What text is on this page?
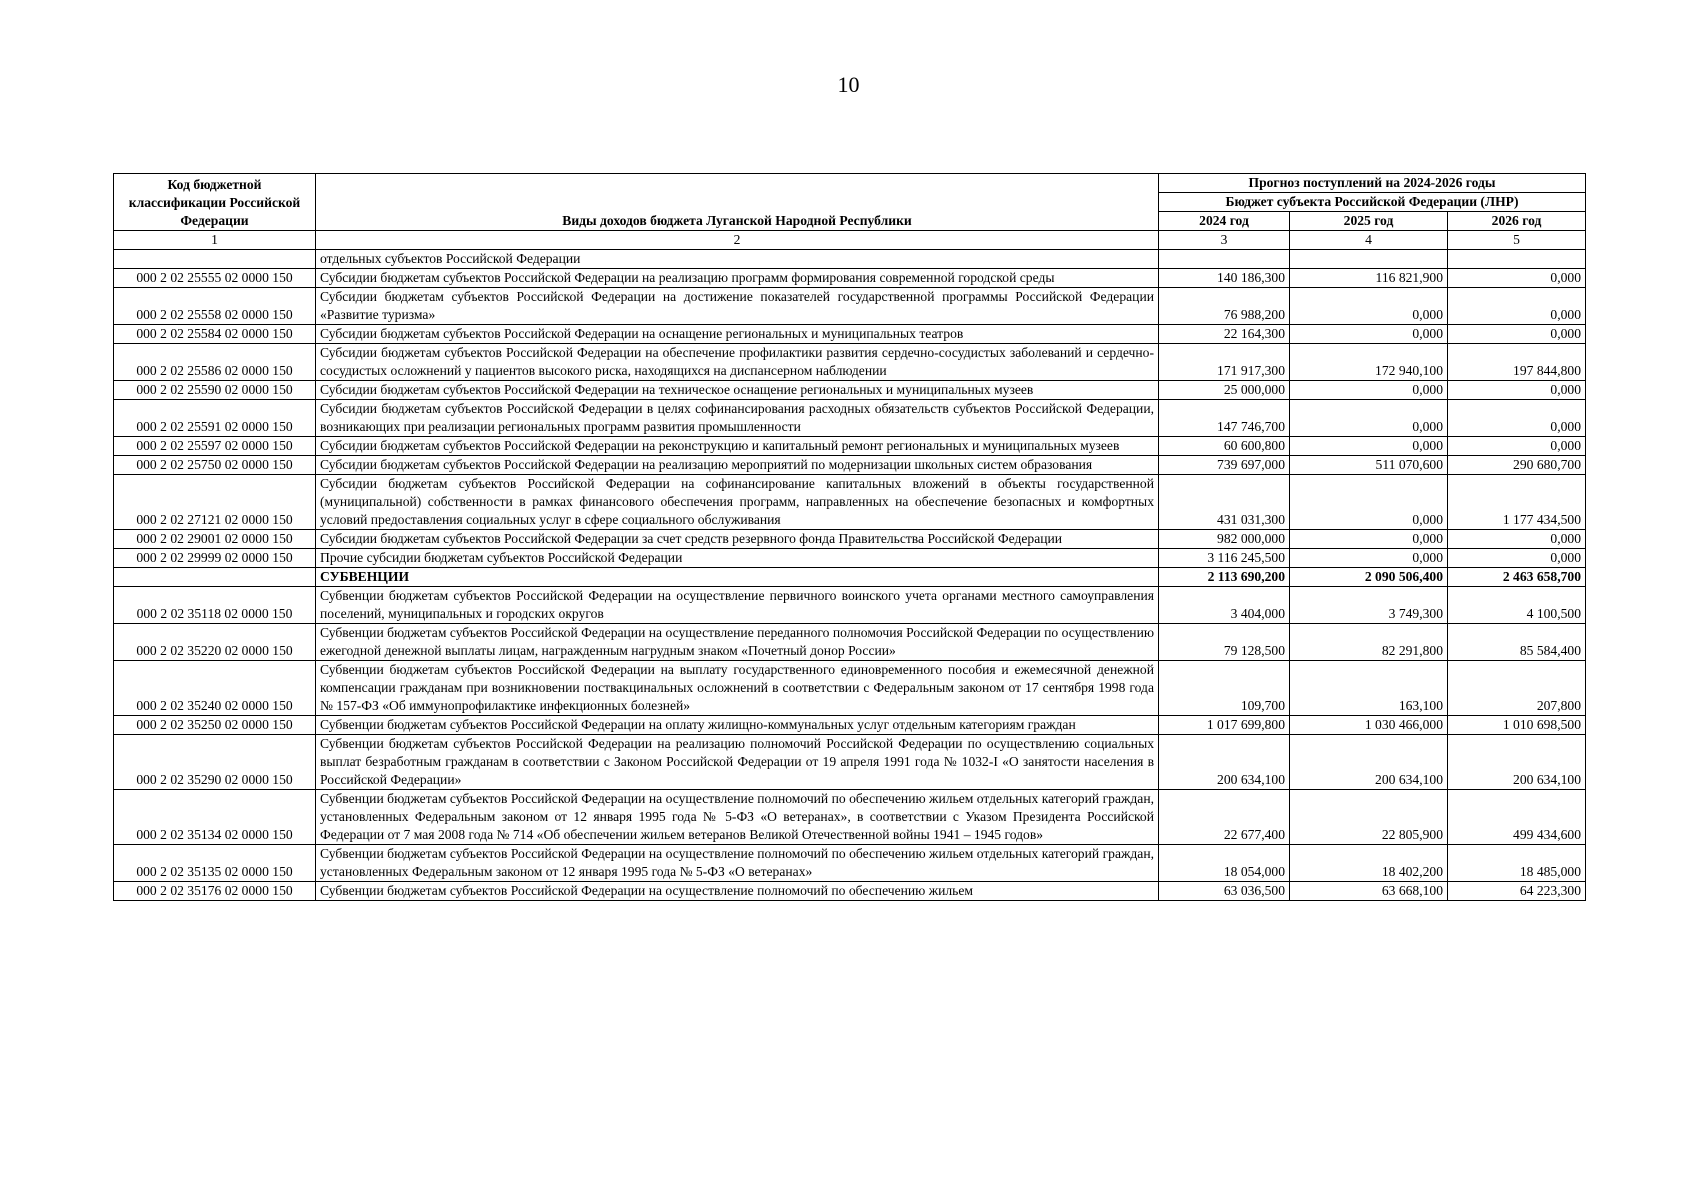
10
Код бюджетной классификации Российской Федерации	Виды доходов бюджета Луганской Народной Республики	Прогноз поступлений на 2024-2026 годы		
		Бюджет субъекта Российской Федерации (ЛНР)		
		2024 год	2025 год	2026 год
1	2	3	4	5
	отдельных субъектов Российской Федерации			
000 2 02 25555 02 0000 150	Субсидии бюджетам субъектов Российской Федерации на реализацию программ формирования современной городской среды	140 186,300	116 821,900	0,000
000 2 02 25558 02 0000 150	Субсидии бюджетам субъектов Российской Федерации на достижение показателей государственной программы Российской Федерации «Развитие туризма»	76 988,200	0,000	0,000
000 2 02 25584 02 0000 150	Субсидии бюджетам субъектов Российской Федерации на оснащение региональных и муниципальных театров	22 164,300	0,000	0,000
000 2 02 25586 02 0000 150	Субсидии бюджетам субъектов Российской Федерации на обеспечение профилактики развития сердечно-сосудистых заболеваний и сердечно-сосудистых осложнений у пациентов высокого риска, находящихся на диспансерном наблюдении	171 917,300	172 940,100	197 844,800
000 2 02 25590 02 0000 150	Субсидии бюджетам субъектов Российской Федерации на техническое оснащение региональных и муниципальных музеев	25 000,000	0,000	0,000
000 2 02 25591 02 0000 150	Субсидии бюджетам субъектов Российской Федерации в целях софинансирования расходных обязательств субъектов Российской Федерации, возникающих при реализации региональных программ развития промышленности	147 746,700	0,000	0,000
000 2 02 25597 02 0000 150	Субсидии бюджетам субъектов Российской Федерации на реконструкцию и капитальный ремонт региональных и муниципальных музеев	60 600,800	0,000	0,000
000 2 02 25750 02 0000 150	Субсидии бюджетам субъектов Российской Федерации на реализацию мероприятий по модернизации школьных систем образования	739 697,000	511 070,600	290 680,700
000 2 02 27121 02 0000 150	Субсидии бюджетам субъектов Российской Федерации на софинансирование капитальных вложений в объекты государственной (муниципальной) собственности в рамках финансового обеспечения программ, направленных на обеспечение безопасных и комфортных условий предоставления социальных услуг в сфере социального обслуживания	431 031,300	0,000	1 177 434,500
000 2 02 29001 02 0000 150	Субсидии бюджетам субъектов Российской Федерации за счет средств резервного фонда Правительства Российской Федерации	982 000,000	0,000	0,000
000 2 02 29999 02 0000 150	Прочие субсидии бюджетам субъектов Российской Федерации	3 116 245,500	0,000	0,000
	СУБВЕНЦИИ	2 113 690,200	2 090 506,400	2 463 658,700
000 2 02 35118 02 0000 150	Субвенции бюджетам субъектов Российской Федерации на осуществление первичного воинского учета органами местного самоуправления поселений, муниципальных и городских округов	3 404,000	3 749,300	4 100,500
000 2 02 35220 02 0000 150	Субвенции бюджетам субъектов Российской Федерации на осуществление переданного полномочия Российской Федерации по осуществлению ежегодной денежной выплаты лицам, награжденным нагрудным знаком «Почетный донор России»	79 128,500	82 291,800	85 584,400
000 2 02 35240 02 0000 150	Субвенции бюджетам субъектов Российской Федерации на выплату государственного единовременного пособия и ежемесячной денежной компенсации гражданам при возникновении поствакцинальных осложнений в соответствии с Федеральным законом от 17 сентября 1998 года № 157-ФЗ «Об иммунопрофилактике инфекционных болезней»	109,700	163,100	207,800
000 2 02 35250 02 0000 150	Субвенции бюджетам субъектов Российской Федерации на оплату жилищно-коммунальных услуг отдельным категориям граждан	1 017 699,800	1 030 466,000	1 010 698,500
000 2 02 35290 02 0000 150	Субвенции бюджетам субъектов Российской Федерации на реализацию полномочий Российской Федерации по осуществлению социальных выплат безработным гражданам в соответствии с Законом Российской Федерации от 19 апреля 1991 года № 1032-I «О занятости населения в Российской Федерации»	200 634,100	200 634,100	200 634,100
000 2 02 35134 02 0000 150	Субвенции бюджетам субъектов Российской Федерации на осуществление полномочий по обеспечению жильем отдельных категорий граждан, установленных Федеральным законом от 12 января 1995 года № 5-ФЗ «О ветеранах», в соответствии с Указом Президента Российской Федерации от 7 мая 2008 года № 714 «Об обеспечении жильем ветеранов Великой Отечественной войны 1941 – 1945 годов»	22 677,400	22 805,900	499 434,600
000 2 02 35135 02 0000 150	Субвенции бюджетам субъектов Российской Федерации на осуществление полномочий по обеспечению жильем отдельных категорий граждан, установленных Федеральным законом от 12 января 1995 года № 5-ФЗ «О ветеранах»	18 054,000	18 402,200	18 485,000
000 2 02 35176 02 0000 150	Субвенции бюджетам субъектов Российской Федерации на осуществление полномочий по обеспечению жильем	63 036,500	63 668,100	64 223,300
